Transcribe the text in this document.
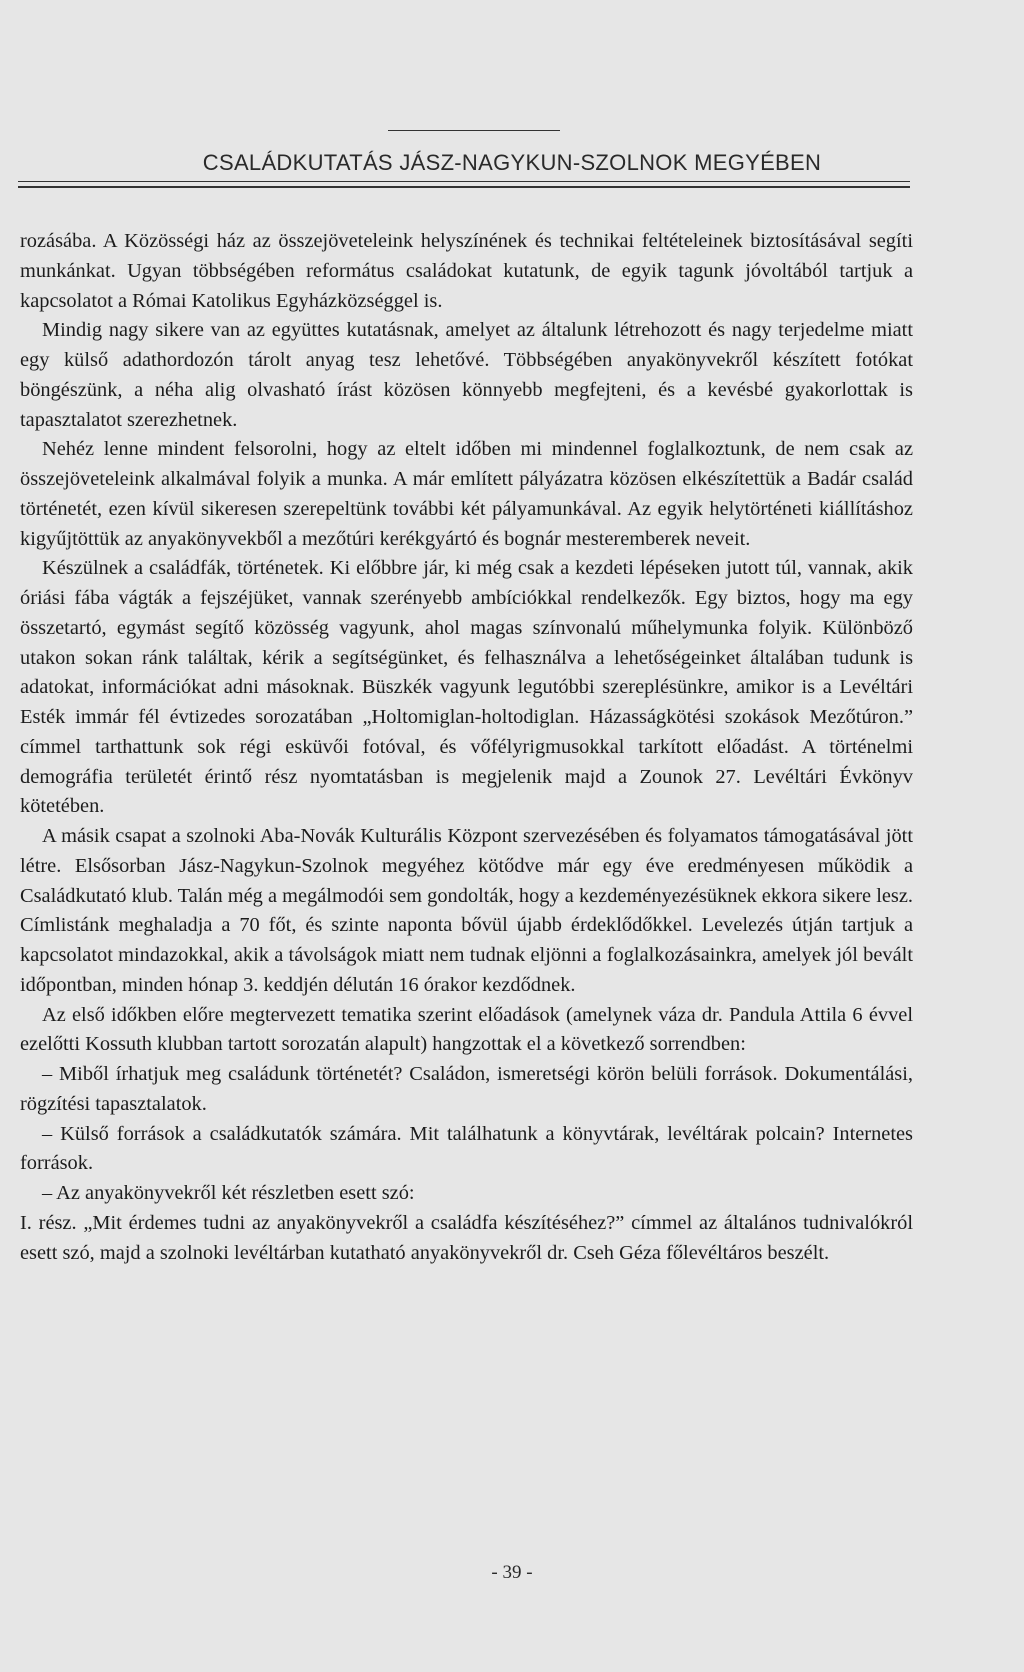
CSALÁDKUTATÁS JÁSZ-NAGYKUN-SZOLNOK MEGYÉBEN

rozásába. A Közösségi ház az összejöveteleink helyszínének és technikai feltételeinek biztosításával segíti munkánkat. Ugyan többségében református családokat kutatunk, de egyik tagunk jóvoltából tartjuk a kapcsolatot a Római Katolikus Egyházközséggel is.

Mindig nagy sikere van az együttes kutatásnak, amelyet az általunk létrehozott és nagy terjedelme miatt egy külső adathordozón tárolt anyag tesz lehetővé. Többségében anyakönyvekről készített fotókat böngészünk, a néha alig olvasható írást közösen könnyebb megfejteni, és a kevésbé gyakorlottak is tapasztalatot szerezhetnek.

Nehéz lenne mindent felsorolni, hogy az eltelt időben mi mindennel foglalkoztunk, de nem csak az összejöveteleink alkalmával folyik a munka. A már említett pályázatra közösen elkészítettük a Badár család történetét, ezen kívül sikeresen szerepeltünk további két pályamunkával. Az egyik helytörténeti kiállításhoz kigyűjtöttük az anyakönyvekből a mezőtúri kerékgyártó és bognár mesteremberek neveit.

Készülnek a családfák, történetek. Ki előbbre jár, ki még csak a kezdeti lépéseken jutott túl, vannak, akik óriási fába vágták a fejszéjüket, vannak szerényebb ambíciókkal rendelkezők. Egy biztos, hogy ma egy összetartó, egymást segítő közösség vagyunk, ahol magas színvonalú műhelymunka folyik. Különböző utakon sokan ránk találtak, kérik a segítségünket, és felhasználva a lehetőségeinket általában tudunk is adatokat, információkat adni másoknak. Büszkék vagyunk legutóbbi szereplésünkre, amikor is a Levéltári Esték immár fél évtizedes sorozatában „Holtomiglan-holtodiglan. Házasságkötési szokások Mezőtúron.” címmel tarthattunk sok régi esküvői fotóval, és vőfélyrigmusokkal tarkított előadást. A történelmi demográfia területét érintő rész nyomtatásban is megjelenik majd a Zounok 27. Levéltári Évkönyv kötetében.

A másik csapat a szolnoki Aba-Novák Kulturális Központ szervezésében és folyamatos támogatásával jött létre. Elsősorban Jász-Nagykun-Szolnok megyéhez kötődve már egy éve eredményesen működik a Családkutató klub. Talán még a megálmodói sem gondolták, hogy a kezdeményezésüknek ekkora sikere lesz. Címlistánk meghaladja a 70 főt, és szinte naponta bővül újabb érdeklődőkkel. Levelezés útján tartjuk a kapcsolatot mindazokkal, akik a távolságok miatt nem tudnak eljönni a foglalkozásainkra, amelyek jól bevált időpontban, minden hónap 3. keddjén délután 16 órakor kezdődnek.

Az első időkben előre megtervezett tematika szerint előadások (amelynek váza dr. Pandula Attila 6 évvel ezelőtti Kossuth klubban tartott sorozatán alapult) hangzottak el a következő sorrendben:

– Miből írhatjuk meg családunk történetét? Családon, ismeretségi körön belüli források. Dokumentálási, rögzítési tapasztalatok.

– Külső források a családkutatók számára. Mit találhatunk a könyvtárak, levéltárak polcain? Internetes források.

– Az anyakönyvekről két részletben esett szó:

I. rész. „Mit érdemes tudni az anyakönyvekről a családfa készítéséhez?” címmel az általános tudnivalókról esett szó, majd a szolnoki levéltárban kutatható anyakönyvekről dr. Cseh Géza főlevéltáros beszélt.

- 39 -
